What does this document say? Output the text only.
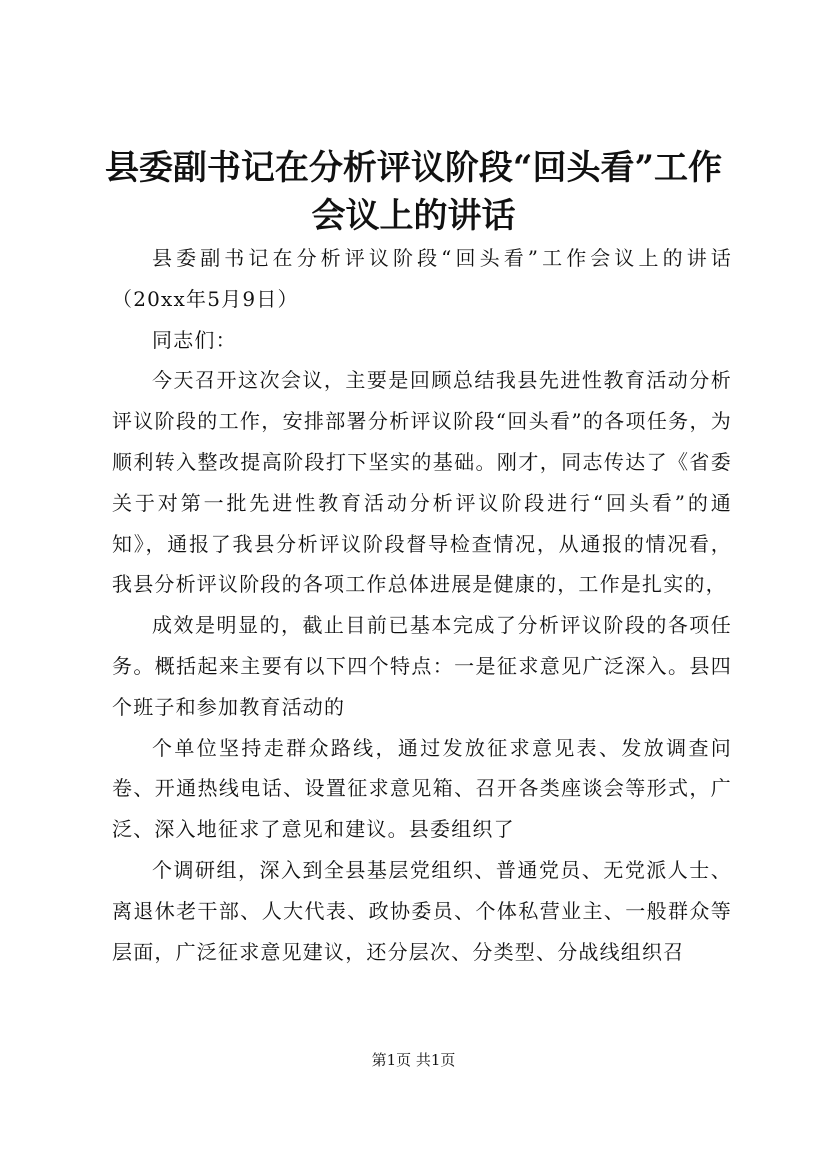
县委副书记在分析评议阶段“回头看”工作会议上的讲话

县委副书记在分析评议阶段“回头看”工作会议上的讲话（20xx年5月9日）

同志们：

今天召开这次会议，主要是回顾总结我县先进性教育活动分析评议阶段的工作，安排部署分析评议阶段“回头看”的各项任务，为顺利转入整改提高阶段打下坚实的基础。刚才，同志传达了《省委关于对第一批先进性教育活动分析评议阶段进行“回头看”的通知》，通报了我县分析评议阶段督导检查情况，从通报的情况看，我县分析评议阶段的各项工作总体进展是健康的，工作是扎实的，

成效是明显的，截止目前已基本完成了分析评议阶段的各项任务。概括起来主要有以下四个特点：一是征求意见广泛深入。县四个班子和参加教育活动的

个单位坚持走群众路线，通过发放征求意见表、发放调查问卷、开通热线电话、设置征求意见箱、召开各类座谈会等形式，广泛、深入地征求了意见和建议。县委组织了

个调研组，深入到全县基层党组织、普通党员、无党派人士、离退休老干部、人大代表、政协委员、个体私营业主、一般群众等层面，广泛征求意见建议，还分层次、分类型、分战线组织召

第1页 共1页
